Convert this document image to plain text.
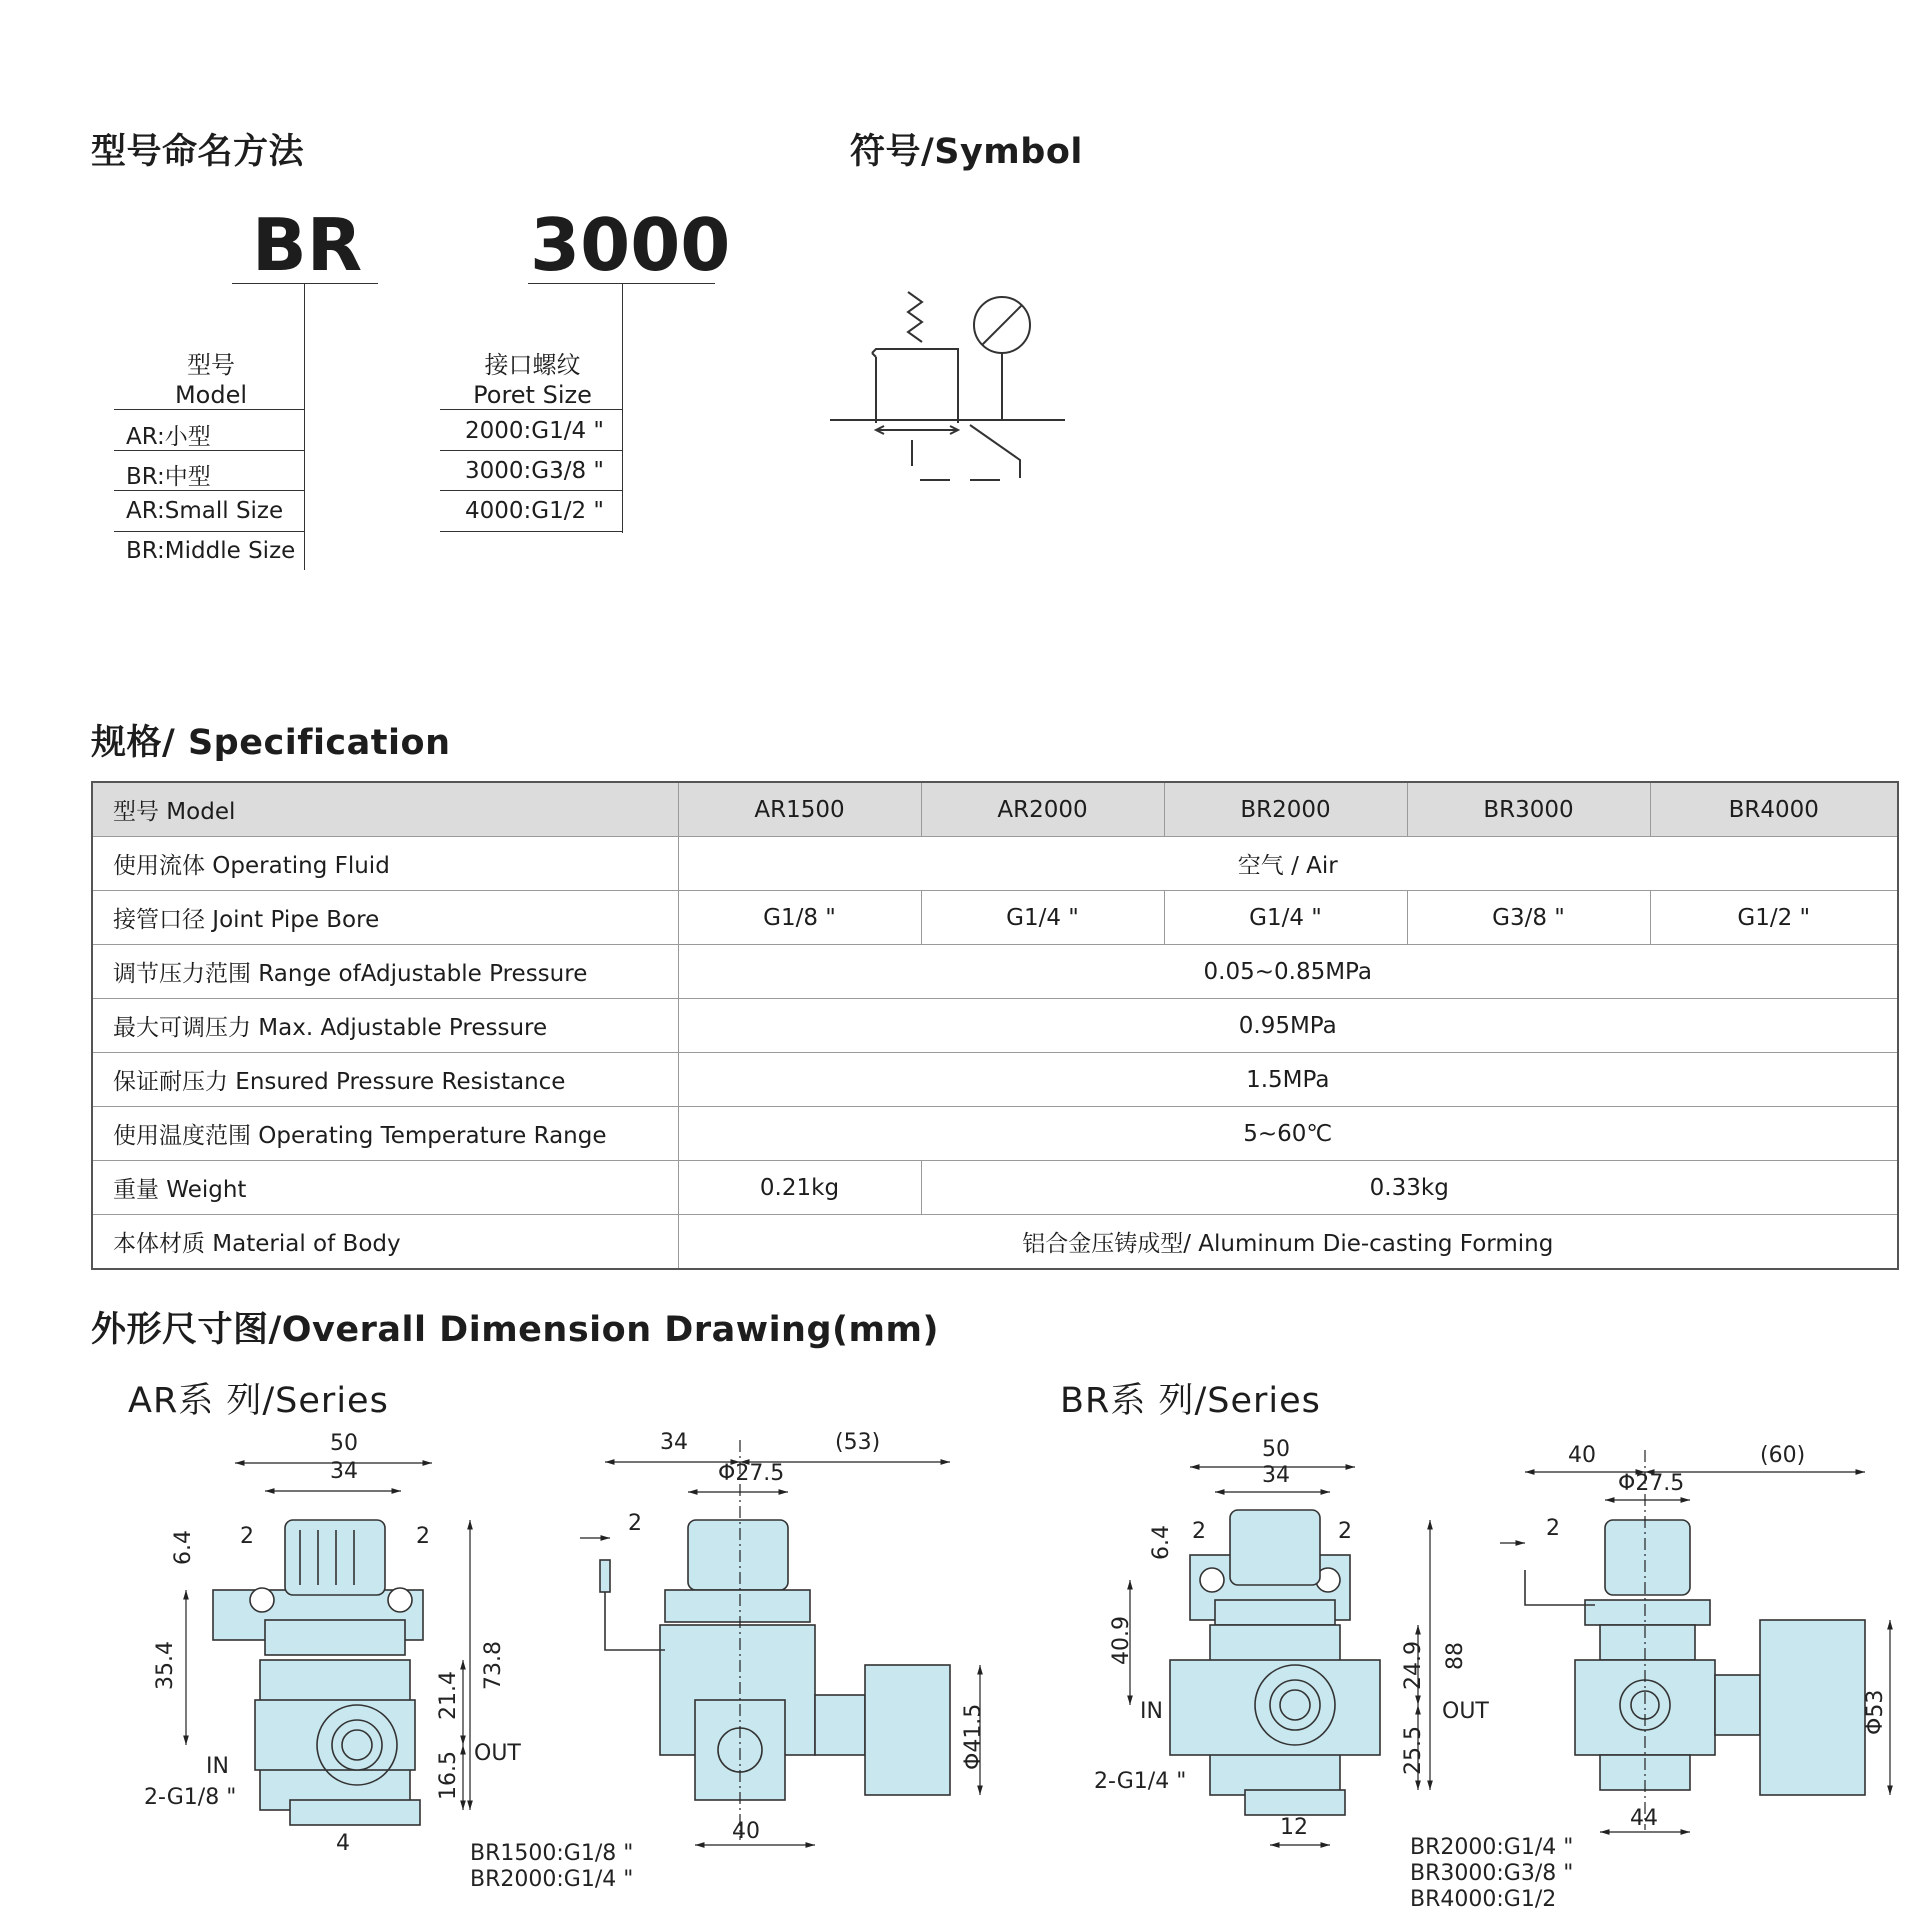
型号命名方法	符号/Symbol
BR 3000
型号
Model
AR:小型
BR:中型
AR:Small Size
BR:Middle Size
接口螺纹
Poret Size
2000:G1/4 "
3000:G3/8 "
4000:G1/2 "
规格/ Specification
型号 Model	AR1500	AR2000	BR2000	BR3000	BR4000
使用流体 Operating Fluid	空气 / Air				
接管口径 Joint Pipe Bore	G1/8 "	G1/4 "	G1/4 "	G3/8 "	G1/2 "
调节压力范围 Range ofAdjustable Pressure	0.05~0.85MPa				
最大可调压力 Max. Adjustable Pressure	0.95MPa				
保证耐压力 Ensured Pressure Resistance	1.5MPa				
使用温度范围 Operating Temperature Range	5~60℃				
重量 Weight	0.21kg	0.33kg			
本体材质 Material of Body	铝合金压铸成型/ Aluminum Die-casting Forming				
外形尺寸图/Overall Dimension Drawing(mm)
AR系 列/Series	BR系 列/Series
50
34
2	2
6.4
35.4	73.8
21.4
16.5
IN
OUT
2-G1/8 "
4
34	(53)
Φ27.5
2
40
Φ41.5
BR1500:G1/8 "
BR2000:G1/4 "
50
34
2	2
6.4
40.9
24.9 88
25.5
IN	OUT
2-G1/4 "
12
40	(60)
Φ27.5
2
44
Φ53
BR2000:G1/4 "
BR3000:G3/8 "
BR4000:G1/2
